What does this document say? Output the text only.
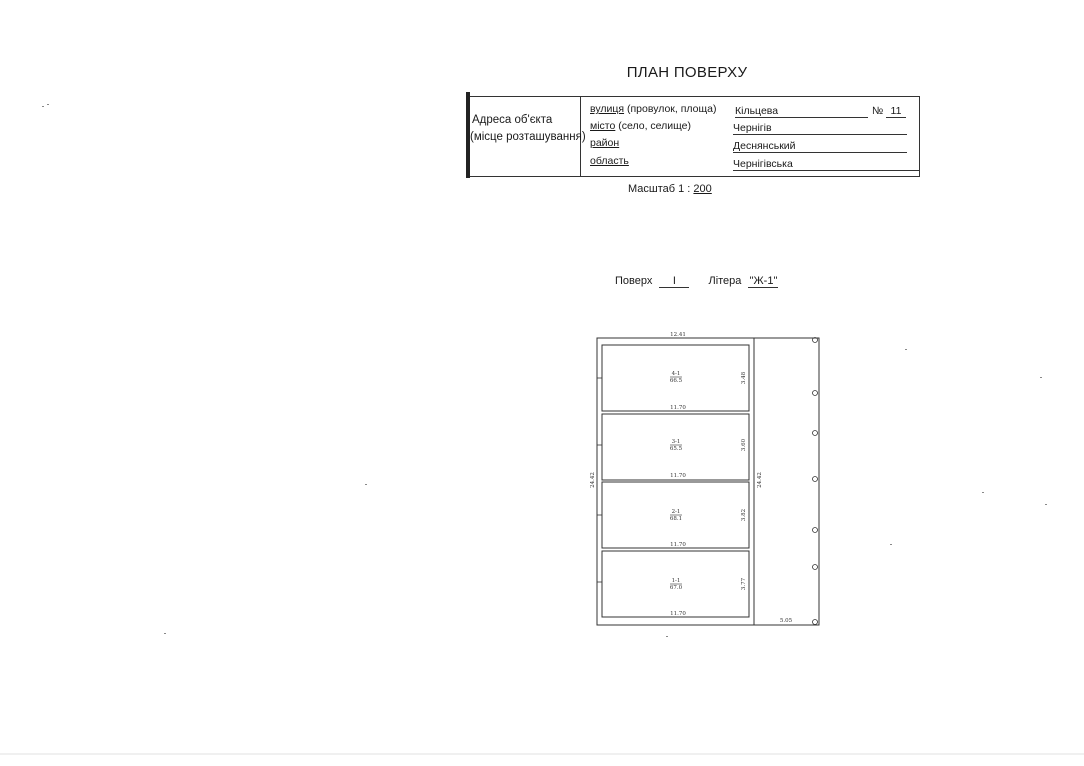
ПЛАН ПОВЕРХУ
Адреса об'єкта
(місце розташування)
вулиця (провулок, площа) Кільцева	№ 11
місто (село, селище)	Чернігів
район	Деснянський
область	Чернігівська
Масштаб 1 : 200
Поверх I	Літера "Ж-1"
12.41
24.42	24.42
5.05
4-1
66.5
11.70
3.48
3-1
65.5
11.70
3.60
2-1
68.1
11.70
3.82
1-1
67.0
11.70
3.77
